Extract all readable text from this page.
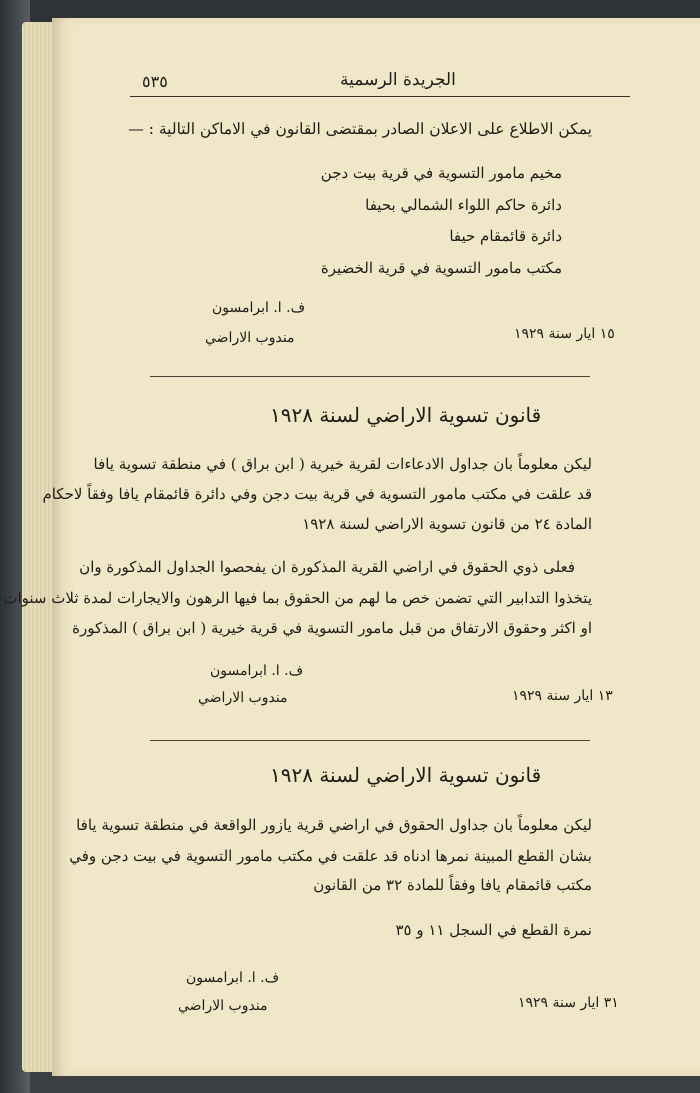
الجريدة الرسمية
٥٣٥
يمكن الاطلاع على الاعلان الصادر بمقتضى القانون في الاماكن التالية : —
مخيم مامور التسوية في قرية بيت دجن
دائرة حاكم اللواء الشمالي بحيفا
دائرة قائمقام حيفا
مكتب مامور التسوية في قرية الخضيرة
ف. ا. ابرامسون
مندوب الاراضي	١٥ ايار سنة ١٩٢٩
قانون تسوية الاراضي لسنة ١٩٢٨
ليكن معلوماً بان جداول الادعاءات لقرية خيرية ( ابن براق ) في منطقة تسوية يافا
قد علقت في مكتب مامور التسوية في قرية بيت دجن وفي دائرة قائمقام يافا وفقاً لاحكام
المادة ٢٤ من قانون تسوية الاراضي لسنة ١٩٢٨
فعلى ذوي الحقوق في اراضي القرية المذكورة ان يفحصوا الجداول المذكورة وان
يتخذوا التدابير التي تضمن خص ما لهم من الحقوق بما فيها الرهون والايجارات لمدة ثلاث سنوات
او اكثر وحقوق الارتفاق من قبل مامور التسوية في قرية خيرية ( ابن براق ) المذكورة
ف. ا. ابرامسون
مندوب الاراضي	١٣ ايار سنة ١٩٢٩
قانون تسوية الاراضي لسنة ١٩٢٨
ليكن معلوماً بان جداول الحقوق في اراضي قرية يازور الواقعة في منطقة تسوية يافا
بشان القطع المبينة نمرها ادناه قد علقت في مكتب مامور التسوية في بيت دجن وفي
مكتب قائمقام يافا وفقاً للمادة ٣٢ من القانون
نمرة القطع في السجل ١١ و ٣٥
ف. ا. ابرامسون
مندوب الاراضي	٣١ ايار سنة ١٩٢٩
